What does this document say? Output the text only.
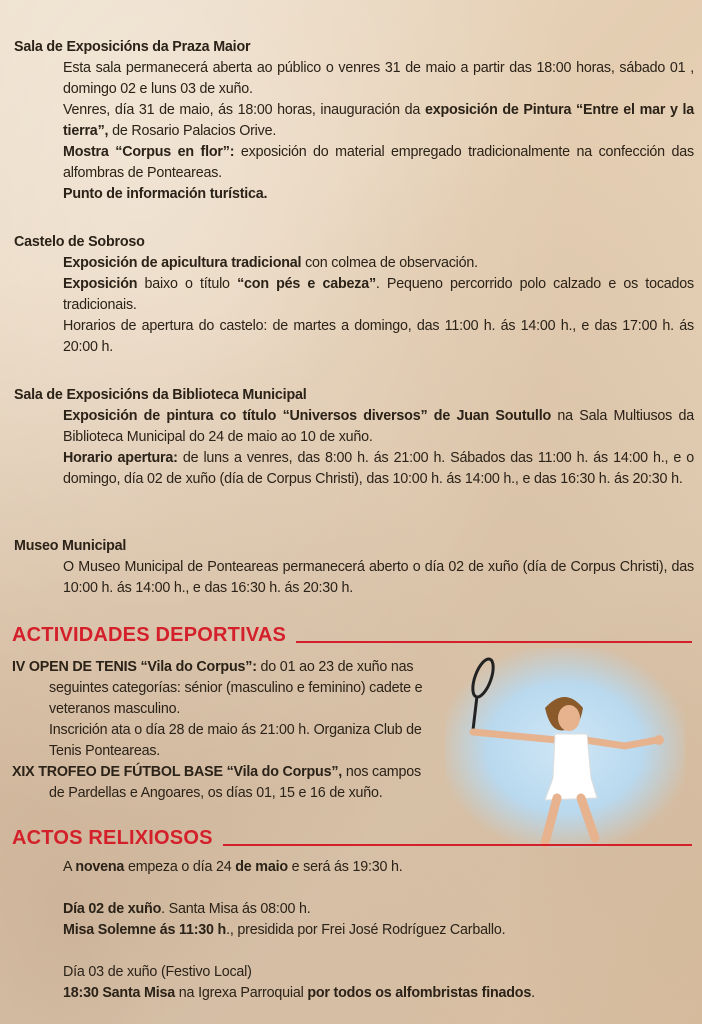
Sala de Exposicións da Praza Maior

Esta sala permanecerá aberta ao público o venres 31 de maio a partir das 18:00 horas, sábado 01 , domingo 02 e luns 03 de xuño.

Venres, día 31 de maio, ás 18:00 horas, inauguración da exposición de Pintura “Entre el mar y la tierra”, de Rosario Palacios Orive.

Mostra “Corpus en flor”: exposición do material empregado tradicionalmente na confección das alfombras de Ponteareas.

Punto de información turística.

Castelo de Sobroso

Exposición de apicultura tradicional con colmea de observación.

Exposición baixo o título “con pés e cabeza”. Pequeno percorrido polo calzado e os tocados tradicionais.

Horarios de apertura do castelo: de martes a domingo, das 11:00 h. ás 14:00 h., e das 17:00 h. ás 20:00 h.

Sala de Exposicións da Biblioteca Municipal

Exposición de pintura co título “Universos diversos” de Juan Soutullo na Sala Multiusos da Biblioteca Municipal do 24 de maio ao 10 de xuño.

Horario apertura: de luns a venres, das 8:00 h. ás 21:00 h. Sábados das 11:00 h. ás 14:00 h., e o domingo, día 02 de xuño (día de Corpus Christi), das 10:00 h. ás 14:00 h., e das 16:30 h. ás 20:30 h.

Museo Municipal

O Museo Municipal de Ponteareas permanecerá aberto o día 02 de xuño (día de Corpus Christi), das 10:00 h. ás 14:00 h., e das 16:30 h. ás 20:30 h.

ACTIVIDADES DEPORTIVAS

IV OPEN DE TENIS “Vila do Corpus”: do 01 ao 23 de xuño nas

seguintes categorías: sénior (masculino e feminino) cadete e veteranos masculino.

Inscrición ata o día 28 de maio ás 21:00 h. Organiza Club de Tenis Ponteareas.

XIX TROFEO DE FÚTBOL BASE “Vila do Corpus”, nos campos

de Pardellas e Angoares, os días 01, 15 e 16 de xuño.

ACTOS RELIXIOSOS

A novena empeza o día 24 de maio e será ás 19:30 h.

Día 02 de xuño. Santa Misa ás 08:00 h.

Misa Solemne ás 11:30 h., presidida por Frei José Rodríguez Carballo.

Día 03 de xuño (Festivo Local)

18:30 Santa Misa na Igrexa Parroquial por todos os alfombristas finados.
